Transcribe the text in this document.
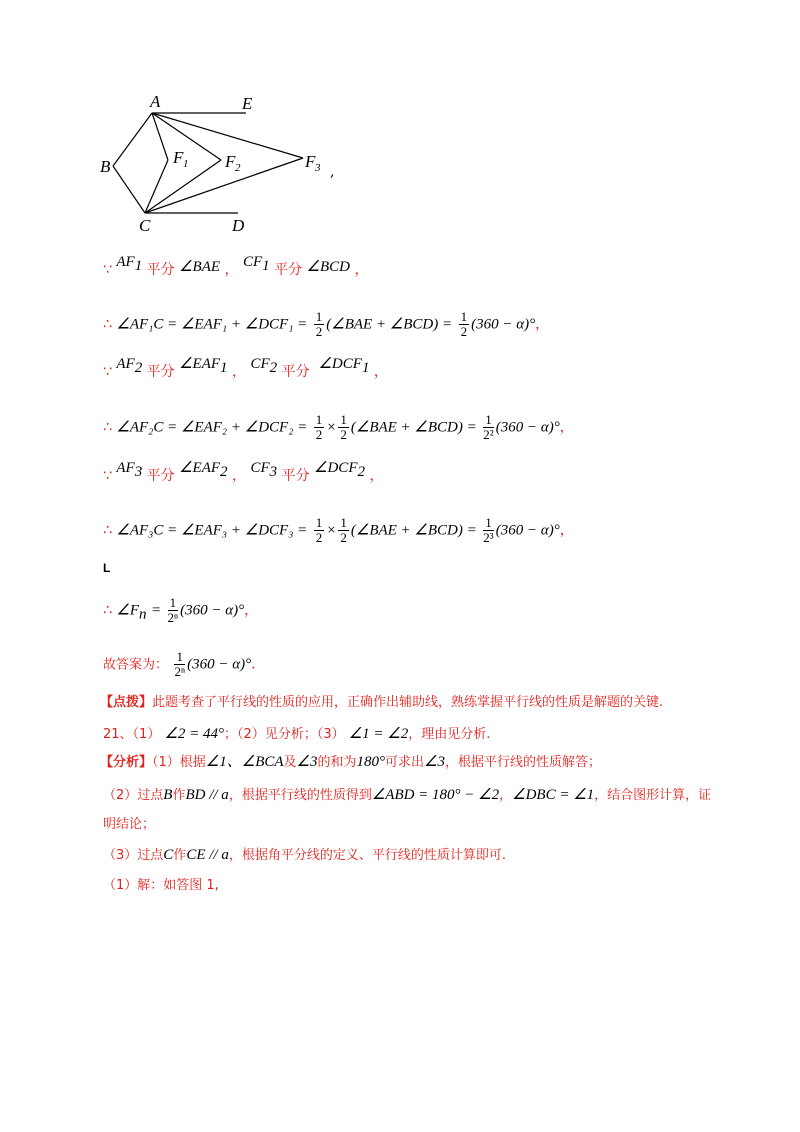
A	E
B	F 1 F 2	F 3 ,
C	D
∵ $AF_1$ 平分 ∠BAE ， $CF_1$ 平分 ∠BCD ，
∴ ∠AF₁C = ∠EAF₁ + ∠DCF₁ = $\frac{1}{2}$ (∠BAE + ∠BCD) = $\frac{1}{2} (360 - \alpha)^\circ$，
∵ $AF_2$ 平分 $\angle EAF_1$ ， $CF_2$ 平分 $\angle DCF_1$ ，
∴ ∠AF₂C = ∠EAF₂ + ∠DCF₂ = $\frac{1}{2} \times \frac{1}{2}$ (∠BAE + ∠BCD) = $\frac{1}{\text{2²}} (360 - \alpha)^\circ$，
∵ $AF_3$ 平分 $\angle EAF_2$ ， $CF_3$ 平分 $\angle DCF_2$ ，
∴ ∠AF₃C = ∠EAF₃ + ∠DCF₃ = $\frac{1}{2} \times \frac{1}{2}$ (∠BAE + ∠BCD) = $\frac{1}{\text{2³}} (360 - \alpha)^\circ$，
L
∴ $\angle F_n = \frac{1}{\text{2ⁿ}} (360 - \alpha)^\circ$，
故答案为： $\frac{1}{\text{2ⁿ}} (360 - \alpha)^\circ$.
【点拨】此题考查了平行线的性质的应用，正确作出辅助线，熟练掌握平行线的性质是解题的关键.
21、（1） ∠2 = 44°；（2）见分析；（3） ∠1 = ∠2，理由见分析.
【分析】（1）根据∠1、∠BCA及∠3的和为180°可求出∠3，根据平行线的性质解答；
（2）过点B作BD // a，根据平行线的性质得到∠ABD = 180° − ∠2，∠DBC = ∠1，结合图形计算，证
明结论；
（3）过点C作CE // a，根据角平分线的定义、平行线的性质计算即可.
（1）解：如答图 1,
